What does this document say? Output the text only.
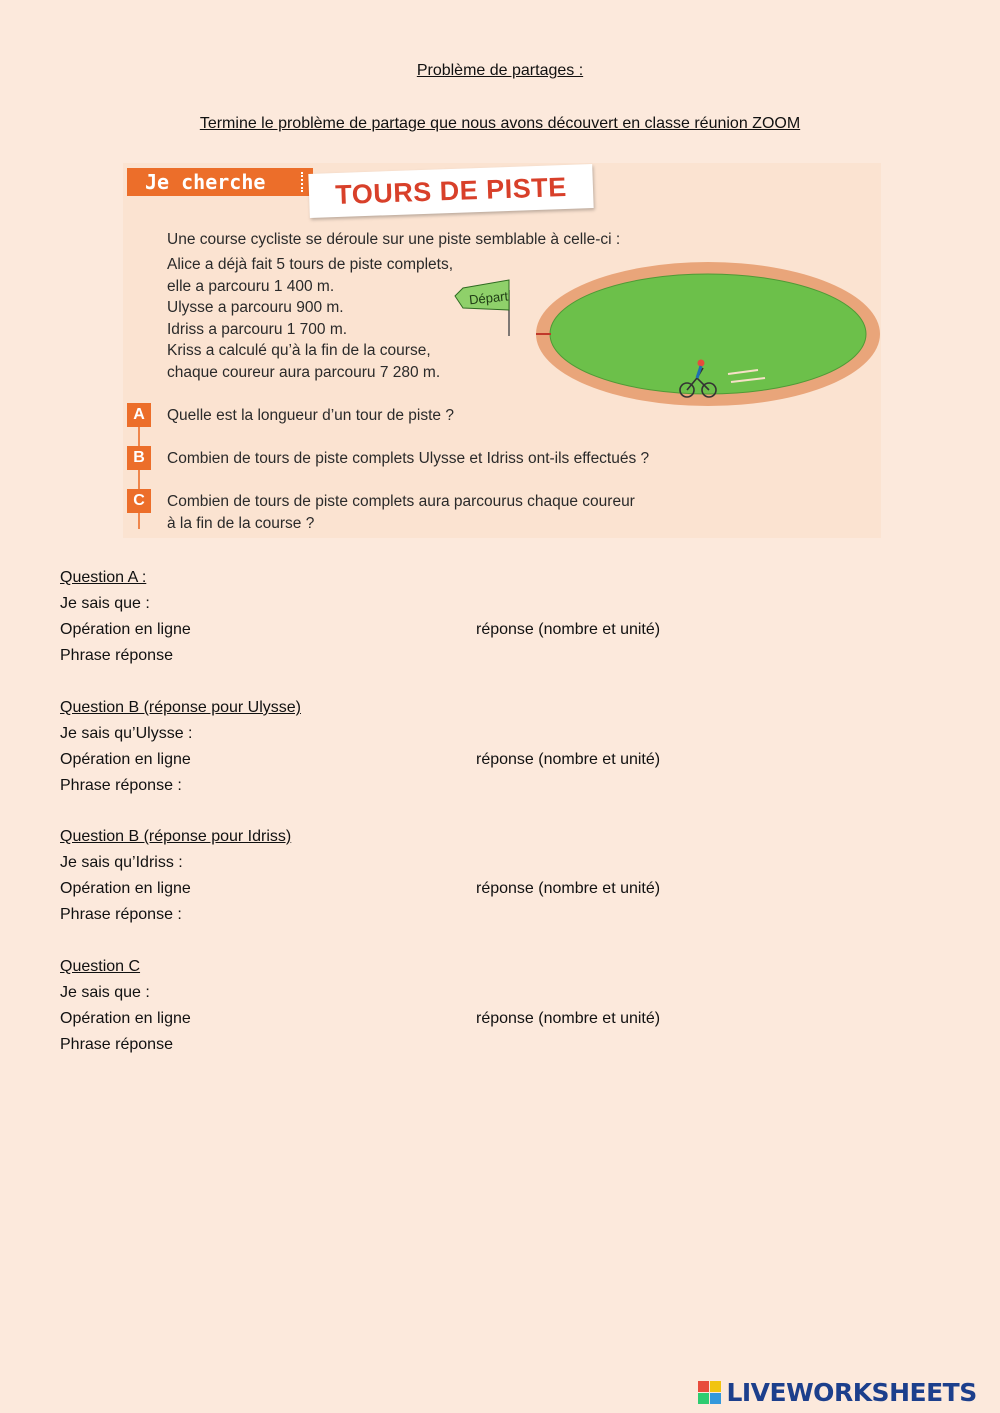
Problème de partages :
Termine le problème de partage que nous avons découvert en classe réunion ZOOM
Je cherche	TOURS DE PISTE
Une course cycliste se déroule sur une piste semblable à celle-ci :
Alice a déjà fait 5 tours de piste complets,
elle a parcouru 1 400 m.
Ulysse a parcouru 900 m.
Idriss a parcouru 1 700 m.
Kriss a calculé qu’à la fin de la course,
chaque coureur aura parcouru 7 280 m.
Départ
A	Quelle est la longueur d’un tour de piste ?
B	Combien de tours de piste complets Ulysse et Idriss ont-ils effectués ?
C	Combien de tours de piste complets aura parcourus chaque coureur
à la fin de la course ?
Question A :
Je sais que :
Opération en ligne	réponse (nombre et unité)
Phrase réponse
Question B (réponse pour Ulysse)
Je sais qu’Ulysse :
Opération en ligne	réponse (nombre et unité)
Phrase réponse :
Question B (réponse pour Idriss)
Je sais qu’Idriss :
Opération en ligne	réponse (nombre et unité)
Phrase réponse :
Question C
Je sais que :
Opération en ligne	réponse (nombre et unité)
Phrase réponse
LIVEWORKSHEETS
